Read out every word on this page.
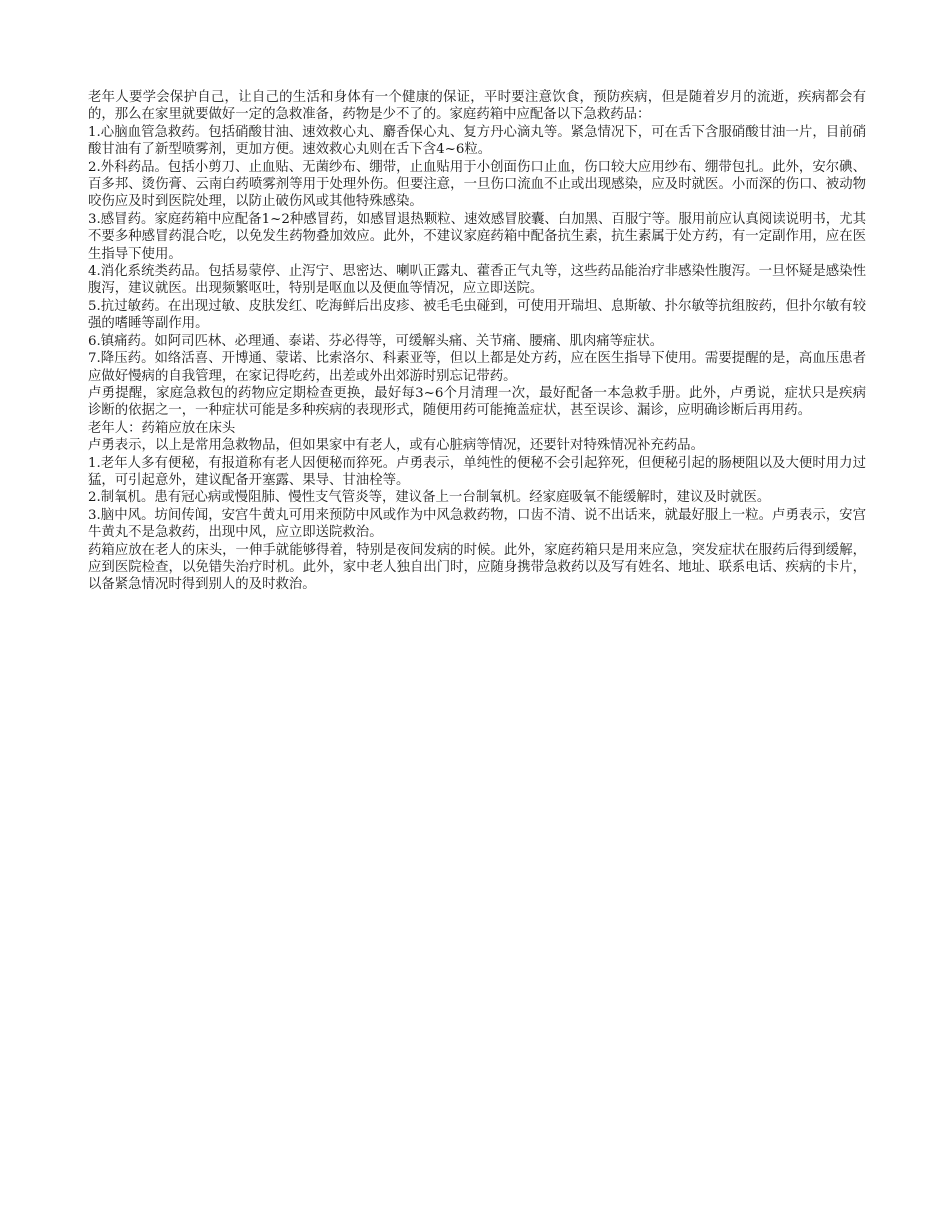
老年人要学会保护自己，让自己的生活和身体有一个健康的保证，平时要注意饮食，预防疾病，但是随着岁月的流逝，疾病都会有的，那么在家里就要做好一定的急救准备，药物是少不了的。家庭药箱中应配备以下急救药品：

1.心脑血管急救药。包括硝酸甘油、速效救心丸、麝香保心丸、复方丹心滴丸等。紧急情况下，可在舌下含服硝酸甘油一片，目前硝酸甘油有了新型喷雾剂，更加方便。速效救心丸则在舌下含4~6粒。

2.外科药品。包括小剪刀、止血贴、无菌纱布、绷带，止血贴用于小创面伤口止血，伤口较大应用纱布、绷带包扎。此外，安尔碘、百多邦、烫伤膏、云南白药喷雾剂等用于处理外伤。但要注意，一旦伤口流血不止或出现感染，应及时就医。小而深的伤口、被动物咬伤应及时到医院处理，以防止破伤风或其他特殊感染。

3.感冒药。家庭药箱中应配备1~2种感冒药，如感冒退热颗粒、速效感冒胶囊、白加黑、百服宁等。服用前应认真阅读说明书，尤其不要多种感冒药混合吃，以免发生药物叠加效应。此外，不建议家庭药箱中配备抗生素，抗生素属于处方药，有一定副作用，应在医生指导下使用。

4.消化系统类药品。包括易蒙停、止泻宁、思密达、喇叭正露丸、藿香正气丸等，这些药品能治疗非感染性腹泻。一旦怀疑是感染性腹泻，建议就医。出现频繁呕吐，特别是呕血以及便血等情况，应立即送院。

5.抗过敏药。在出现过敏、皮肤发红、吃海鲜后出皮疹、被毛毛虫碰到，可使用开瑞坦、息斯敏、扑尔敏等抗组胺药，但扑尔敏有较强的嗜睡等副作用。

6.镇痛药。如阿司匹林、必理通、泰诺、芬必得等，可缓解头痛、关节痛、腰痛、肌肉痛等症状。

7.降压药。如络活喜、开博通、蒙诺、比索洛尔、科素亚等，但以上都是处方药，应在医生指导下使用。需要提醒的是，高血压患者应做好慢病的自我管理，在家记得吃药，出差或外出郊游时别忘记带药。

卢勇提醒，家庭急救包的药物应定期检查更换，最好每3~6个月清理一次，最好配备一本急救手册。此外，卢勇说，症状只是疾病诊断的依据之一，一种症状可能是多种疾病的表现形式，随便用药可能掩盖症状，甚至误诊、漏诊，应明确诊断后再用药。

老年人：药箱应放在床头

卢勇表示，以上是常用急救物品，但如果家中有老人，或有心脏病等情况，还要针对特殊情况补充药品。

1.老年人多有便秘，有报道称有老人因便秘而猝死。卢勇表示，单纯性的便秘不会引起猝死，但便秘引起的肠梗阻以及大便时用力过猛，可引起意外，建议配备开塞露、果导、甘油栓等。

2.制氧机。患有冠心病或慢阻肺、慢性支气管炎等，建议备上一台制氧机。经家庭吸氧不能缓解时，建议及时就医。

3.脑中风。坊间传闻，安宫牛黄丸可用来预防中风或作为中风急救药物，口齿不清、说不出话来，就最好服上一粒。卢勇表示，安宫牛黄丸不是急救药，出现中风，应立即送院救治。

药箱应放在老人的床头，一伸手就能够得着，特别是夜间发病的时候。此外，家庭药箱只是用来应急，突发症状在服药后得到缓解，应到医院检查，以免错失治疗时机。此外，家中老人独自出门时，应随身携带急救药以及写有姓名、地址、联系电话、疾病的卡片，以备紧急情况时得到别人的及时救治。
